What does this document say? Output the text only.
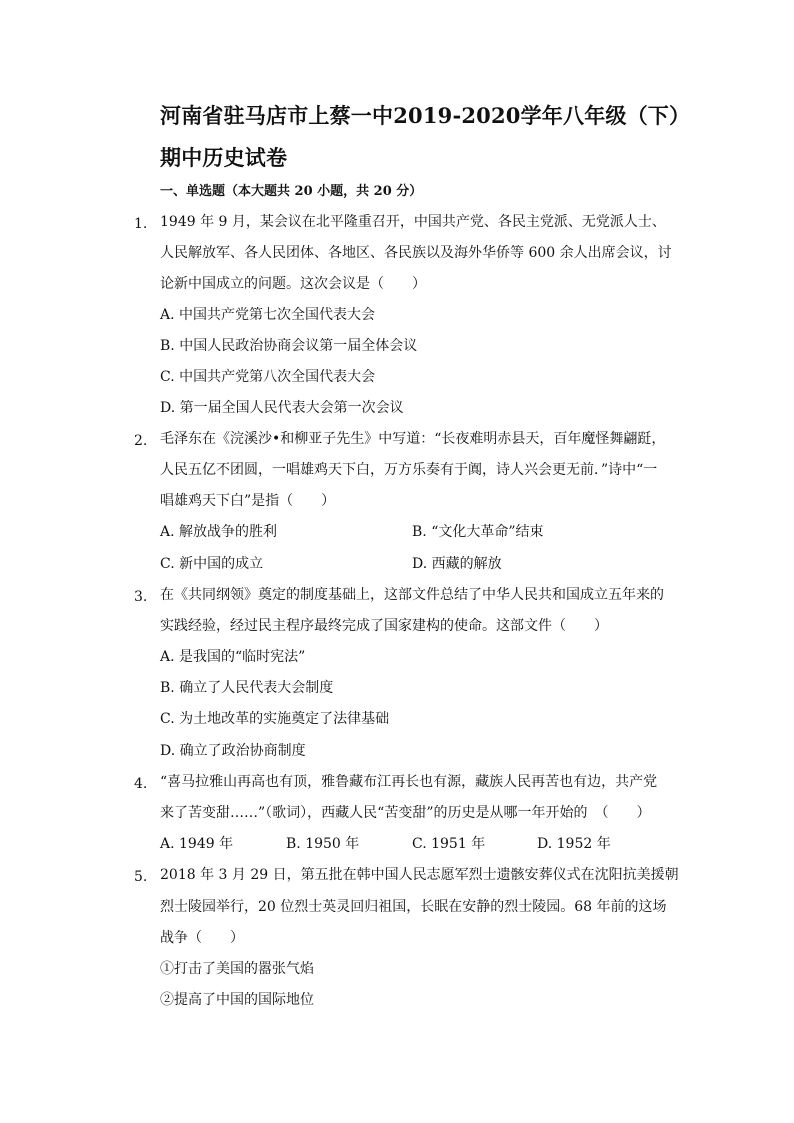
河南省驻马店市上蔡一中2019-2020学年八年级（下）
期中历史试卷
一、单选题（本大题共 20 小题，共 20 分）
1. 1949 年 9 月，某会议在北平隆重召开，中国共产党、各民主党派、无党派人士、
人民解放军、各人民团体、各地区、各民族以及海外华侨等 600 余人出席会议，讨
论新中国成立的问题。这次会议是（　　）
A. 中国共产党第七次全国代表大会
B. 中国人民政治协商会议第一届全体会议
C. 中国共产党第八次全国代表大会
D. 第一届全国人民代表大会第一次会议
2. 毛泽东在《浣溪沙•和柳亚子先生》中写道：“长夜难明赤县天，百年魔怪舞翩跹，
人民五亿不团圆，一唱雄鸡天下白，万方乐奏有于阗，诗人兴会更无前．”诗中“一
唱雄鸡天下白”是指（　　）
A. 解放战争的胜利	B. “文化大革命”结束
C. 新中国的成立	D. 西藏的解放
3. 在《共同纲领》奠定的制度基础上，这部文件总结了中华人民共和国成立五年来的
实践经验，经过民主程序最终完成了国家建构的使命。这部文件（　　）
A. 是我国的“临时宪法”
B. 确立了人民代表大会制度
C. 为土地改革的实施奠定了法律基础
D. 确立了政治协商制度
4. “喜马拉雅山再高也有顶，雅鲁藏布江再长也有源，藏族人民再苦也有边，共产党
来了苦变甜……”（歌词），西藏人民“苦变甜”的历史是从哪一年开始的　（　　）
A. 1949 年	B. 1950 年	C. 1951 年	D. 1952 年
5. 2018 年 3 月 29 日，第五批在韩中国人民志愿军烈士遗骸安葬仪式在沈阳抗美援朝
烈士陵园举行，20 位烈士英灵回归祖国，长眠在安静的烈士陵园。68 年前的这场
战争（　　）
①打击了美国的嚣张气焰
②提高了中国的国际地位
